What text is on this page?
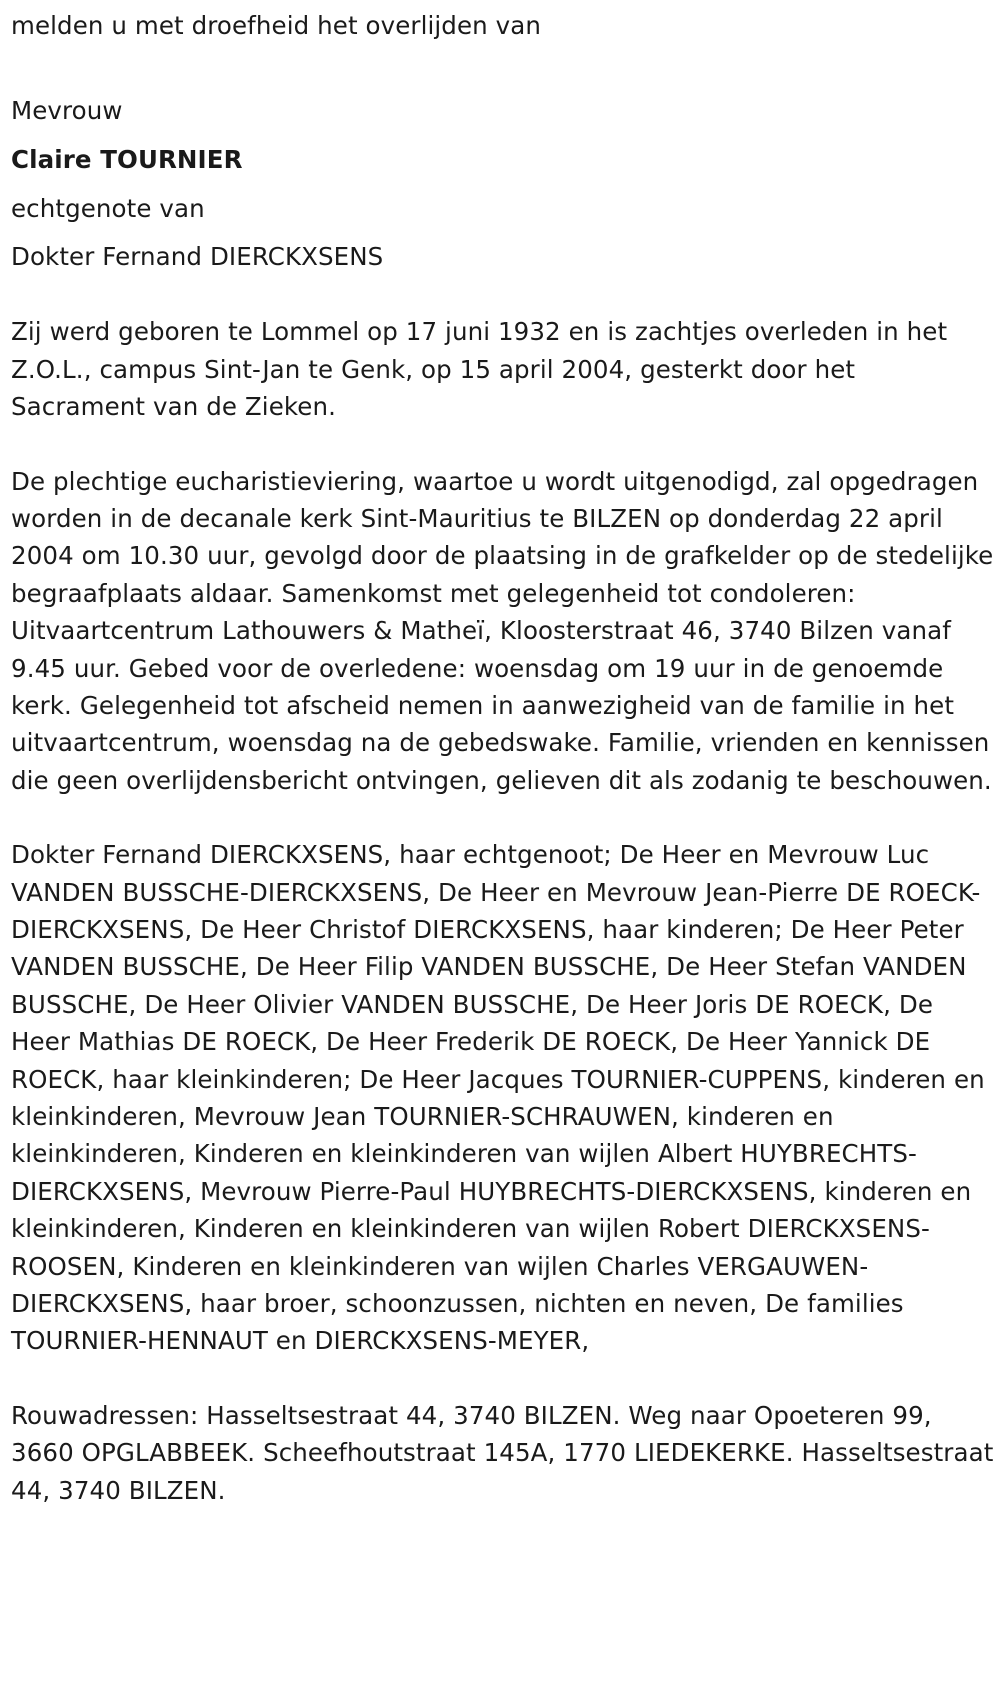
melden u met droefheid het overlijden van

Mevrouw

Claire TOURNIER

echtgenote van

Dokter Fernand DIERCKXSENS

Zij werd geboren te Lommel op 17 juni 1932 en is zachtjes overleden in het Z.O.L., campus Sint-Jan te Genk, op 15 april 2004, gesterkt door het Sacrament van de Zieken.

De plechtige eucharistieviering, waartoe u wordt uitgenodigd, zal opgedragen worden in de decanale kerk Sint-Mauritius te BILZEN op donderdag 22 april 2004 om 10.30 uur, gevolgd door de plaatsing in de grafkelder op de stedelijke begraafplaats aldaar. Samenkomst met gelegenheid tot condoleren: Uitvaartcentrum Lathouwers & Matheï, Kloosterstraat 46, 3740 Bilzen vanaf 9.45 uur. Gebed voor de overledene: woensdag om 19 uur in de genoemde kerk. Gelegenheid tot afscheid nemen in aanwezigheid van de familie in het uitvaartcentrum, woensdag na de gebedswake. Familie, vrienden en kennissen die geen overlijdensbericht ontvingen, gelieven dit als zodanig te beschouwen.

Dokter Fernand DIERCKXSENS, haar echtgenoot; De Heer en Mevrouw Luc VANDEN BUSSCHE-DIERCKXSENS, De Heer en Mevrouw Jean-Pierre DE ROECK-DIERCKXSENS, De Heer Christof DIERCKXSENS, haar kinderen; De Heer Peter VANDEN BUSSCHE, De Heer Filip VANDEN BUSSCHE, De Heer Stefan VANDEN BUSSCHE, De Heer Olivier VANDEN BUSSCHE, De Heer Joris DE ROECK, De Heer Mathias DE ROECK, De Heer Frederik DE ROECK, De Heer Yannick DE ROECK, haar kleinkinderen; De Heer Jacques TOURNIER-CUPPENS, kinderen en kleinkinderen, Mevrouw Jean TOURNIER-SCHRAUWEN, kinderen en kleinkinderen, Kinderen en kleinkinderen van wijlen Albert HUYBRECHTS-DIERCKXSENS, Mevrouw Pierre-Paul HUYBRECHTS-DIERCKXSENS, kinderen en kleinkinderen, Kinderen en kleinkinderen van wijlen Robert DIERCKXSENS-ROOSEN, Kinderen en kleinkinderen van wijlen Charles VERGAUWEN-DIERCKXSENS, haar broer, schoonzussen, nichten en neven, De families TOURNIER-HENNAUT en DIERCKXSENS-MEYER,

Rouwadressen: Hasseltsestraat 44, 3740 BILZEN. Weg naar Opoeteren 99, 3660 OPGLABBEEK. Scheefhoutstraat 145A, 1770 LIEDEKERKE. Hasseltsestraat 44, 3740 BILZEN.
